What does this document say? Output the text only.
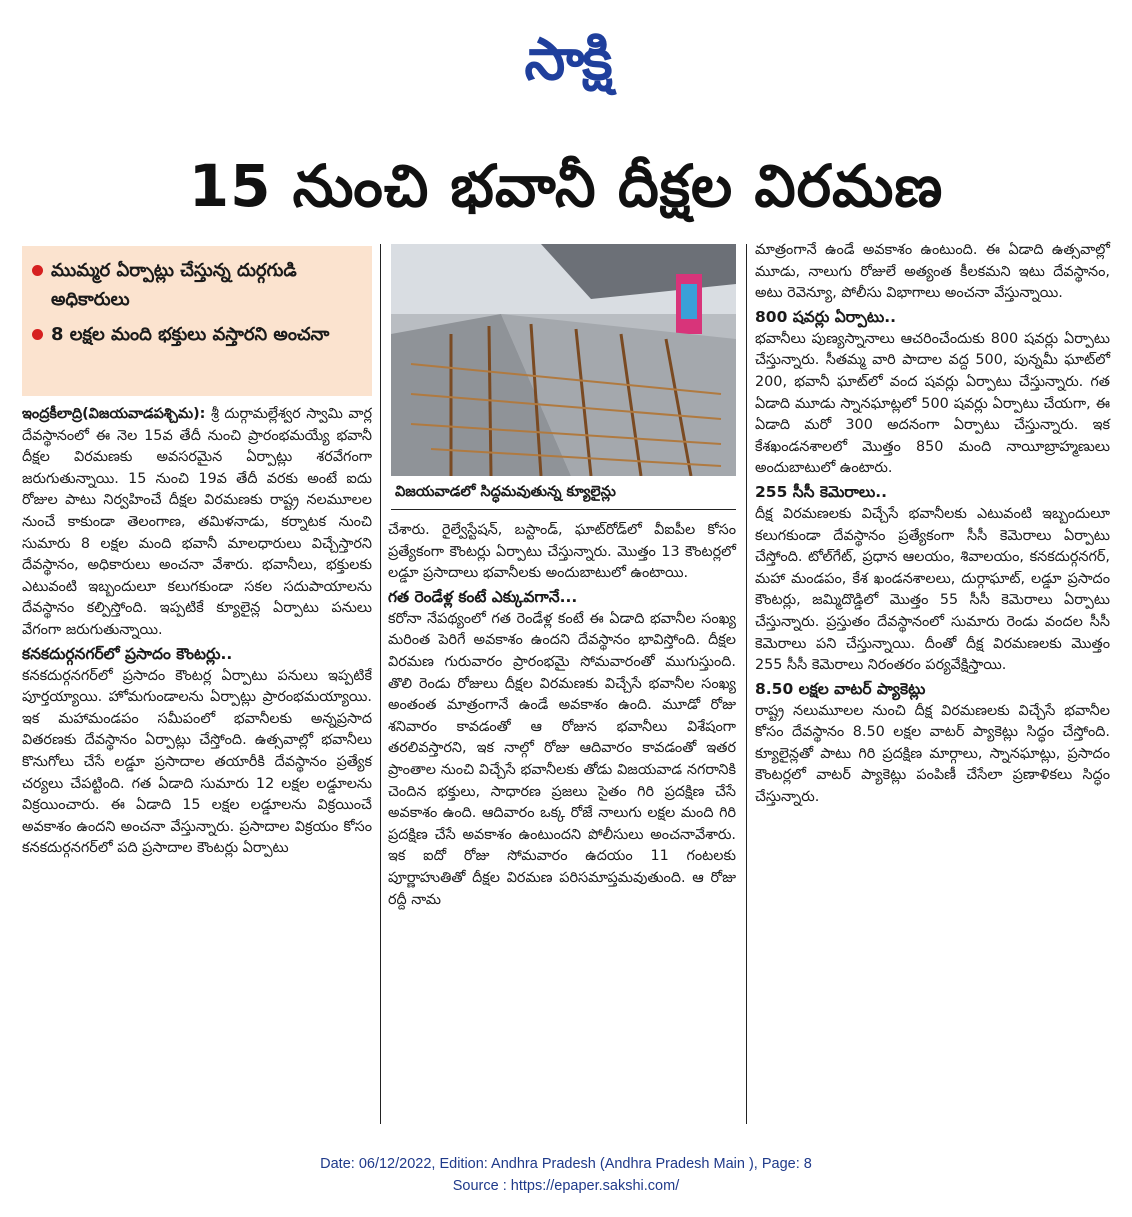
సాక్షి
15 నుంచి భవానీ దీక్షల విరమణ
ముమ్మర ఏర్పాట్లు చేస్తున్న దుర్గగుడి అధికారులు
8 లక్షల మంది భక్తులు వస్తారని అంచనా
విజయవాడలో సిద్ధమవుతున్న క్యూలైన్లు

ఇంద్రకీలాద్రి(విజయవాడపశ్చిమ): శ్రీ దుర్గామల్లేశ్వర స్వామి వార్ల దేవస్థానంలో ఈ నెల 15వ తేదీ నుంచి ప్రారంభమయ్యే భవానీ దీక్షల విరమణకు అవసరమైన ఏర్పాట్లు శరవేగంగా జరుగుతున్నాయి. 15 నుంచి 19వ తేదీ వరకు అంటే ఐదు రోజుల పాటు నిర్వహించే దీక్షల విరమణకు రాష్ట్ర నలమూలల నుంచే కాకుండా తెలంగాణ, తమిళనాడు, కర్నాటక నుంచి సుమారు 8 లక్షల మంది భవానీ మాలధారులు విచ్చేస్తారని దేవస్థానం, అధికారులు అంచనా వేశారు. భవానీలు, భక్తులకు ఎటువంటి ఇబ్బందులూ కలుగకుండా సకల సదుపాయాలను దేవస్థానం కల్పిస్తోంది. ఇప్పటికే క్యూలైన్ల ఏర్పాటు పనులు వేగంగా జరుగుతున్నాయి.

కనకదుర్గనగర్‌లో ప్రసాదం కౌంటర్లు..

కనకదుర్గనగర్‌లో ప్రసాదం కౌంటర్ల ఏర్పాటు పనులు ఇప్పటికే పూర్తయ్యాయి. హోమగుండాలను ఏర్పాట్లు ప్రారంభమయ్యాయి. ఇక మహామండపం సమీపంలో భవానీలకు అన్నప్రసాద వితరణకు దేవస్థానం ఏర్పాట్లు చేస్తోంది. ఉత్సవాల్లో భవానీలు కొనుగోలు చేసే లడ్డూ ప్రసాదాల తయారీకి దేవస్థానం ప్రత్యేక చర్యలు చేపట్టింది. గత ఏడాది సుమారు 12 లక్షల లడ్డూలను విక్రయించారు. ఈ ఏడాది 15 లక్షల లడ్డూలను విక్రయించే అవకాశం ఉందని అంచనా వేస్తున్నారు. ప్రసాదాల విక్రయం కోసం కనకదుర్గనగర్‌లో పది ప్రసాదాల కౌంటర్లు ఏర్పాటు

చేశారు. రైల్వేస్టేషన్, బస్టాండ్, ఘాట్‌రోడ్‌లో వీఐపీల కోసం ప్రత్యేకంగా కౌంటర్లు ఏర్పాటు చేస్తున్నారు. మొత్తం 13 కౌంటర్లలో లడ్డూ ప్రసాదాలు భవానీలకు అందుబాటులో ఉంటాయి.

గత రెండేళ్ల కంటే ఎక్కువగానే...

కరోనా నేపథ్యంలో గత రెండేళ్ల కంటే ఈ ఏడాది భవానీల సంఖ్య మరింత పెరిగే అవకాశం ఉందని దేవస్థానం భావిస్తోంది. దీక్షల విరమణ గురువారం ప్రారంభమై సోమవారంతో ముగుస్తుంది. తొలి రెండు రోజులు దీక్షల విరమణకు విచ్చేసే భవానీల సంఖ్య అంతంత మాత్రంగానే ఉండే అవకాశం ఉంది. మూడో రోజు శనివారం కావడంతో ఆ రోజున భవానీలు విశేషంగా తరలివస్తారని, ఇక నాల్గో రోజు ఆదివారం కావడంతో ఇతర ప్రాంతాల నుంచి విచ్చేసే భవానీలకు తోడు విజయవాడ నగరానికి చెందిన భక్తులు, సాధారణ ప్రజలు సైతం గిరి ప్రదక్షిణ చేసే అవకాశం ఉంది. ఆదివారం ఒక్క రోజే నాలుగు లక్షల మంది గిరి ప్రదక్షిణ చేసే అవకాశం ఉంటుందని పోలీసులు అంచనావేశారు. ఇక ఐదో రోజు సోమవారం ఉదయం 11 గంటలకు పూర్ణాహుతితో దీక్షల విరమణ పరిసమాప్తమవుతుంది. ఆ రోజు రద్దీ నామ

మాత్రంగానే ఉండే అవకాశం ఉంటుంది. ఈ ఏడాది ఉత్సవాల్లో మూడు, నాలుగు రోజులే అత్యంత కీలకమని ఇటు దేవస్థానం, అటు రెవెన్యూ, పోలీసు విభాగాలు అంచనా వేస్తున్నాయి.

800 షవర్లు ఏర్పాటు..

భవానీలు పుణ్యస్నానాలు ఆచరించేందుకు 800 షవర్లు ఏర్పాటు చేస్తున్నారు. సీతమ్మ వారి పాదాల వద్ద 500, పున్నమీ ఘాట్‌లో 200, భవానీ ఘాట్‌లో వంద షవర్లు ఏర్పాటు చేస్తున్నారు. గత ఏడాది మూడు స్నానఘాట్లలో 500 షవర్లు ఏర్పాటు చేయగా, ఈ ఏడాది మరో 300 అదనంగా ఏర్పాటు చేస్తున్నారు. ఇక కేశఖండనశాలలో మొత్తం 850 మంది నాయీబ్రాహ్మణులు అందుబాటులో ఉంటారు.

255 సీసీ కెమెరాలు..

దీక్ష విరమణలకు విచ్చేసే భవానీలకు ఎటువంటి ఇబ్బందులూ కలుగకుండా దేవస్థానం ప్రత్యేకంగా సీసీ కెమెరాలు ఏర్పాటు చేస్తోంది. టోల్‌గేట్, ప్రధాన ఆలయం, శివాలయం, కనకదుర్గనగర్, మహా మండపం, కేశ ఖండనశాలలు, దుర్గాఘాట్, లడ్డూ ప్రసాదం కౌంటర్లు, జమ్మిదొడ్డిలో మొత్తం 55 సీసీ కెమెరాలు ఏర్పాటు చేస్తున్నారు. ప్రస్తుతం దేవస్థానంలో సుమారు రెండు వందల సీసీ కెమెరాలు పని చేస్తున్నాయి. దీంతో దీక్ష విరమణలకు మొత్తం 255 సీసీ కెమెరాలు నిరంతరం పర్యవేక్షిస్తాయి.

8.50 లక్షల వాటర్ ప్యాకెట్లు

రాష్ట్ర నలుమూలల నుంచి దీక్ష విరమణలకు విచ్చేసే భవానీల కోసం దేవస్థానం 8.50 లక్షల వాటర్ ప్యాకెట్లు సిద్ధం చేస్తోంది. క్యూలైన్లతో పాటు గిరి ప్రదక్షిణ మార్గాలు, స్నానఘాట్లు, ప్రసాదం కౌంటర్లలో వాటర్ ప్యాకెట్లు పంపిణీ చేసేలా ప్రణాళికలు సిద్ధం చేస్తున్నారు.

Date: 06/12/2022, Edition: Andhra Pradesh (Andhra Pradesh Main ), Page: 8
Source : https://epaper.sakshi.com/
